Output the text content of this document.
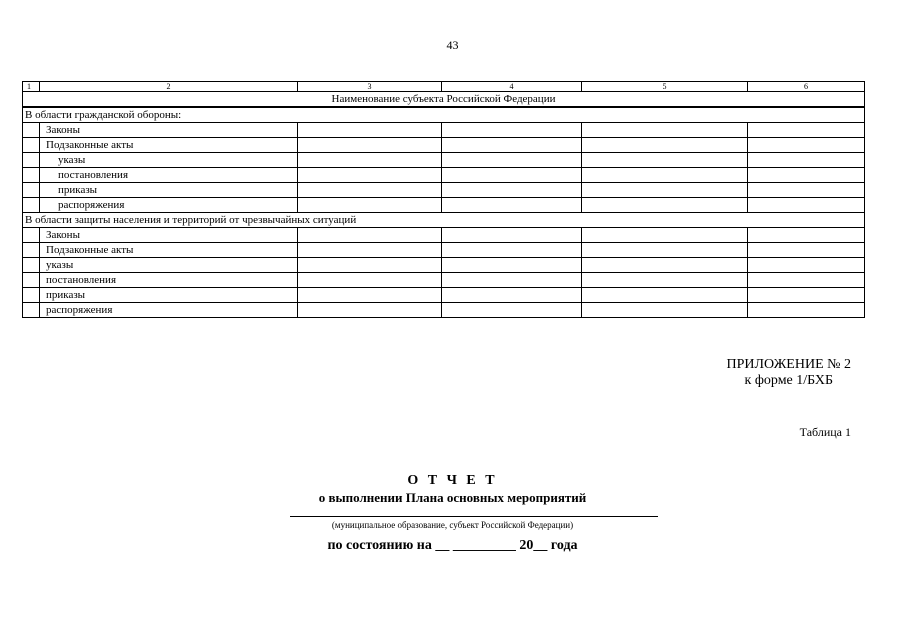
43
1	2	3	4	5	6
Наименование субъекта Российской Федерации					
В области гражданской обороны:					
	Законы				
	Подзаконные акты				
	указы				
	постановления				
	приказы				
	распоряжения				
В области защиты населения и территорий от чрезвычайных ситуаций					
	Законы				
	Подзаконные акты				
	указы				
	постановления				
	приказы				
	распоряжения				
ПРИЛОЖЕНИЕ № 2
к форме 1/БХБ
Таблица 1
О Т Ч Е Т
о выполнении Плана основных мероприятий
(муниципальное образование, субъект Российской Федерации)
по состоянию на __ _________ 20__ года
